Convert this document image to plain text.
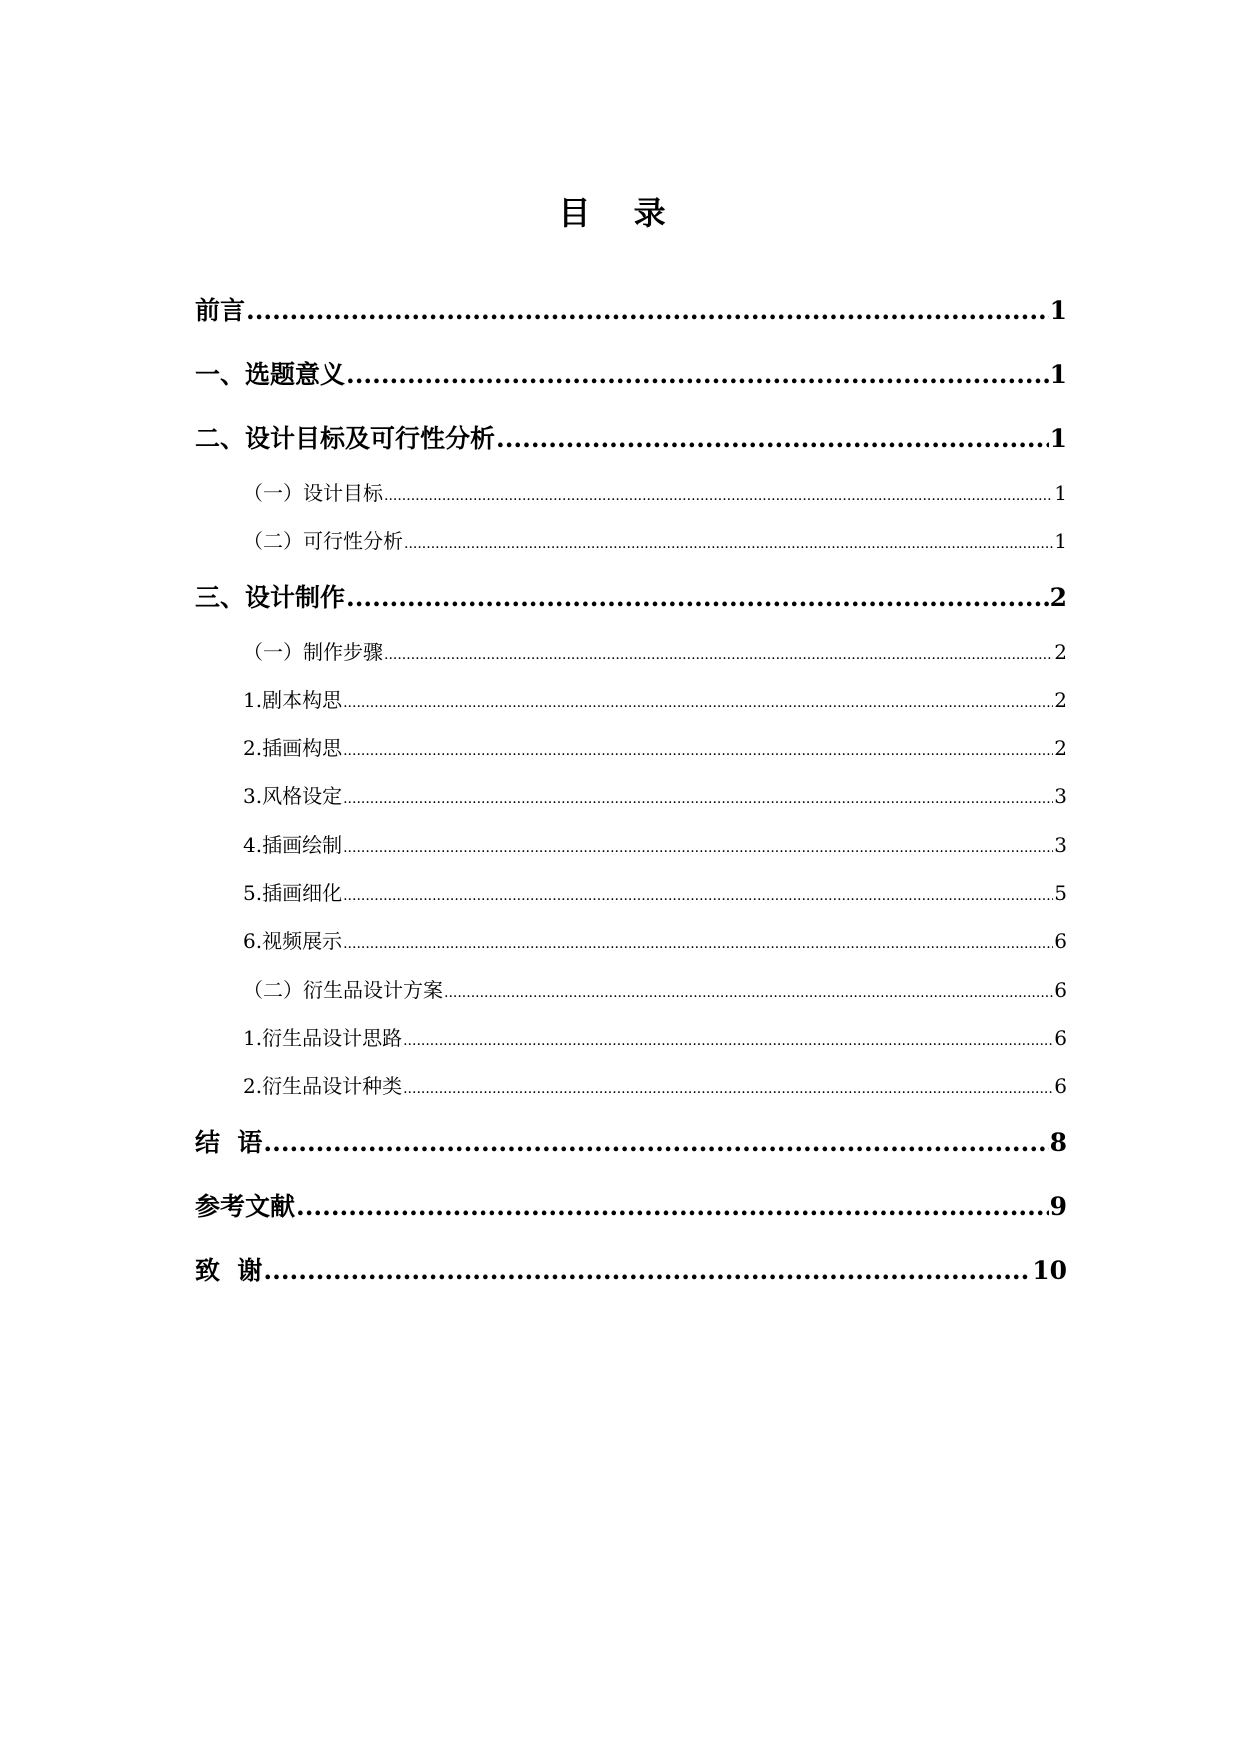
目 录
前言 .....	1
一、选题意义 .....	1
二、设计目标及可行性分析 .....	1
（一）设计目标 .....	1
（二）可行性分析 .....	1
三、设计制作 .....	2
（一）制作步骤 .....	2
1.剧本构思 .....	2
2.插画构思 .....	2
3.风格设定 .....	3
4.插画绘制 .....	3
5.插画细化 .....	5
6.视频展示 .....	6
（二）衍生品设计方案 .....	6
1.衍生品设计思路 .....	6
2.衍生品设计种类 .....	6
结  语 .....	8
参考文献 .....	9
致  谢 .....	10
